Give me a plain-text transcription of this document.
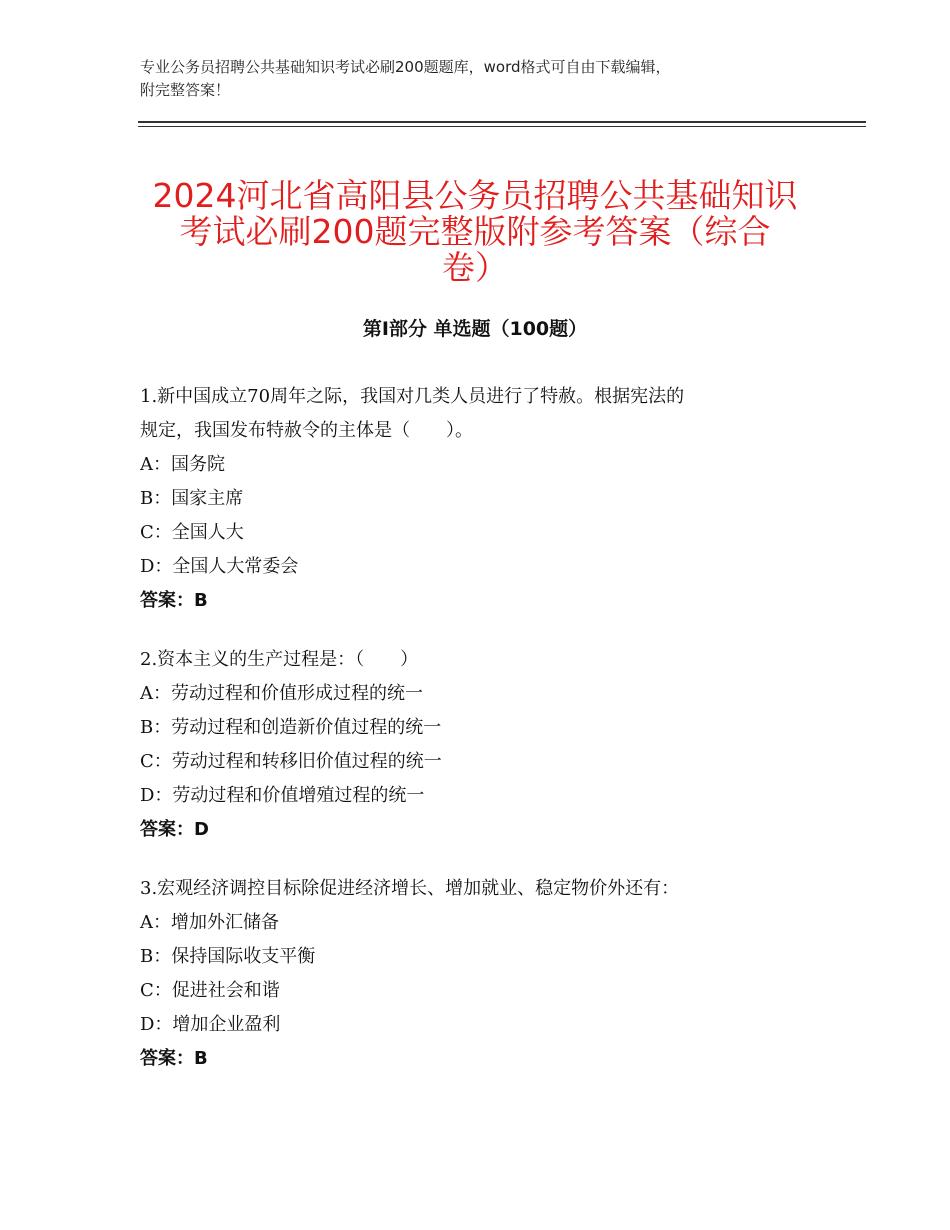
专业公务员招聘公共基础知识考试必刷200题题库，word格式可自由下载编辑，
附完整答案！
2024河北省高阳县公务员招聘公共基础知识
考试必刷200题完整版附参考答案（综合
卷）
第Ⅰ部分 单选题（100题）

1.新中国成立70周年之际，我国对几类人员进行了特赦。根据宪法的

规定，我国发布特赦令的主体是（　　）。

A：国务院

B：国家主席

C：全国人大

D：全国人大常委会

答案：B

2.资本主义的生产过程是：（　　）

A：劳动过程和价值形成过程的统一

B：劳动过程和创造新价值过程的统一

C：劳动过程和转移旧价值过程的统一

D：劳动过程和价值增殖过程的统一

答案：D

3.宏观经济调控目标除促进经济增长、增加就业、稳定物价外还有：

A：增加外汇储备

B：保持国际收支平衡

C：促进社会和谐

D：增加企业盈利

答案：B
